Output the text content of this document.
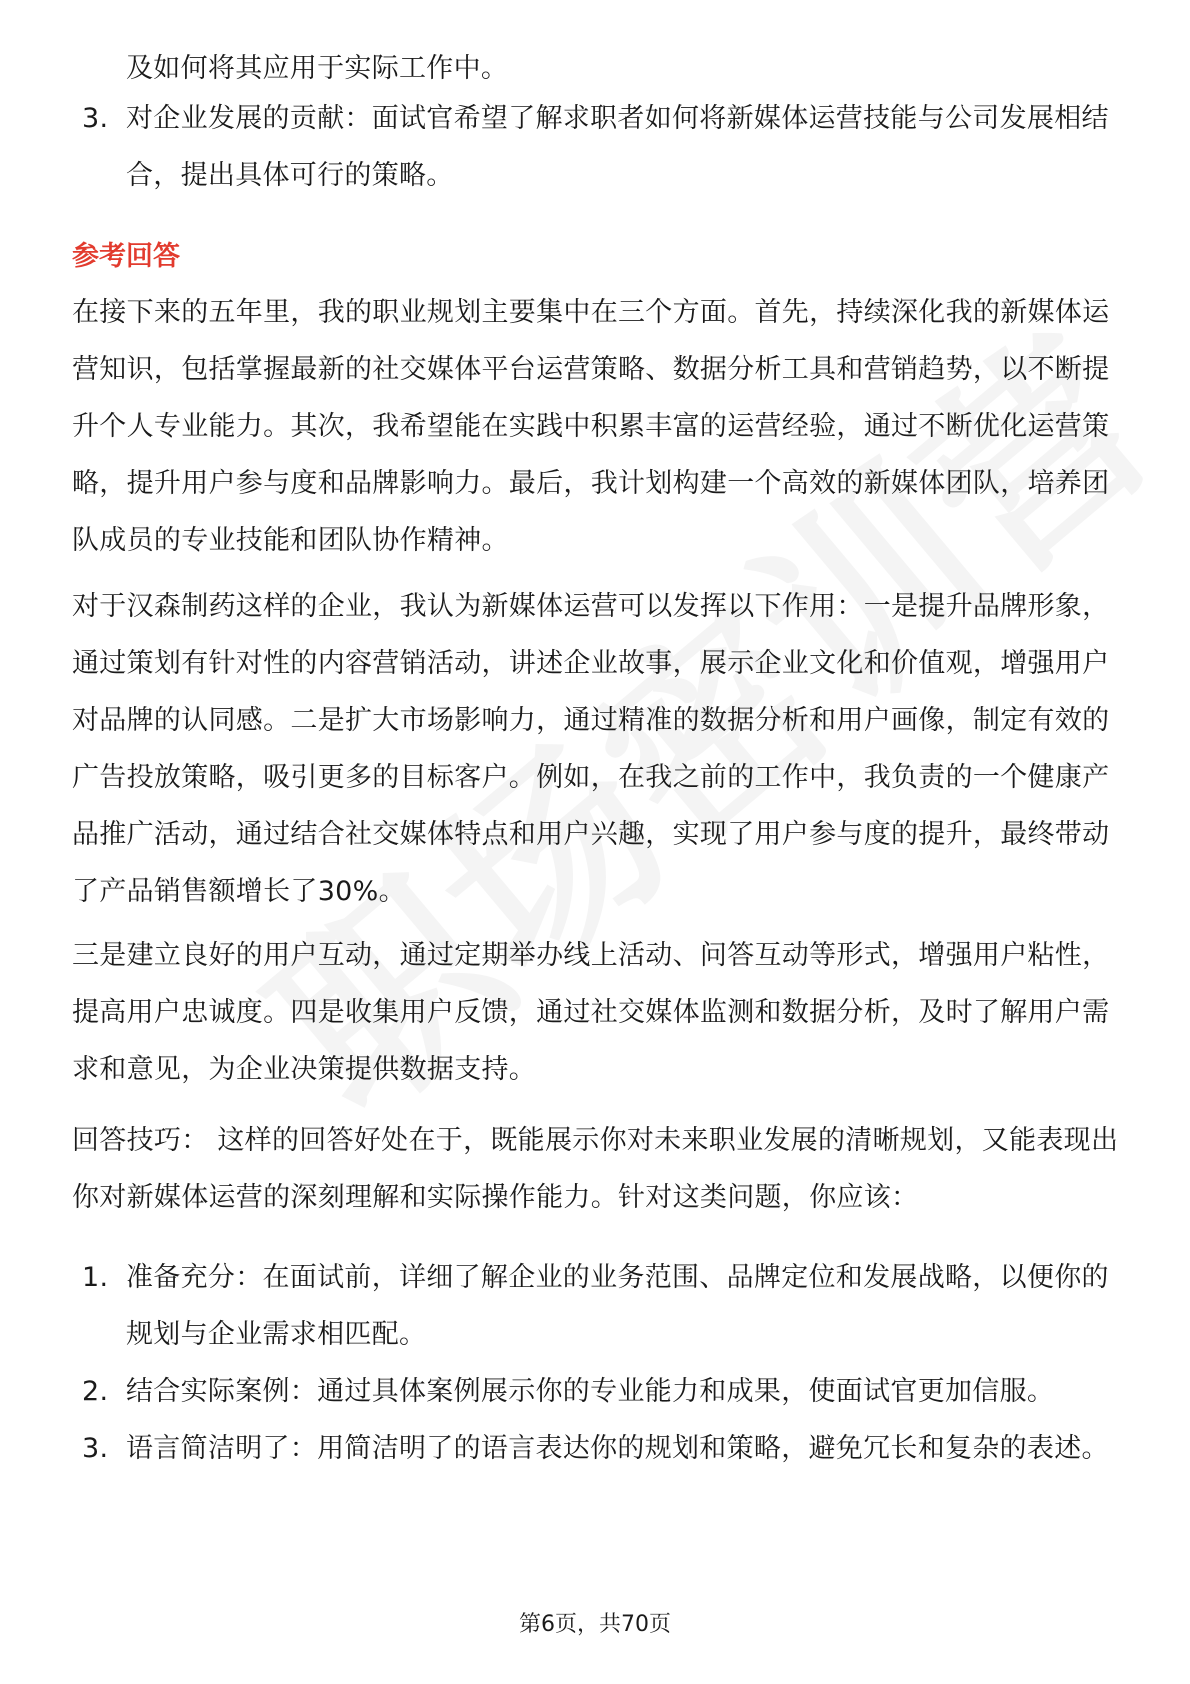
及如何将其应用于实际工作中。
3. 对企业发展的贡献：面试官希望了解求职者如何将新媒体运营技能与公司发展相结合，提出具体可行的策略。
参考回答
在接下来的五年里，我的职业规划主要集中在三个方面。首先，持续深化我的新媒体运营知识，包括掌握最新的社交媒体平台运营策略、数据分析工具和营销趋势，以不断提升个人专业能力。其次，我希望能在实践中积累丰富的运营经验，通过不断优化运营策略，提升用户参与度和品牌影响力。最后，我计划构建一个高效的新媒体团队，培养团队成员的专业技能和团队协作精神。
对于汉森制药这样的企业，我认为新媒体运营可以发挥以下作用：一是提升品牌形象，通过策划有针对性的内容营销活动，讲述企业故事，展示企业文化和价值观，增强用户对品牌的认同感。二是扩大市场影响力，通过精准的数据分析和用户画像，制定有效的广告投放策略，吸引更多的目标客户。例如，在我之前的工作中，我负责的一个健康产品推广活动，通过结合社交媒体特点和用户兴趣，实现了用户参与度的提升，最终带动了产品销售额增长了30%。
三是建立良好的用户互动，通过定期举办线上活动、问答互动等形式，增强用户粘性，提高用户忠诚度。四是收集用户反馈，通过社交媒体监测和数据分析，及时了解用户需求和意见，为企业决策提供数据支持。
回答技巧： 这样的回答好处在于，既能展示你对未来职业发展的清晰规划，又能表现出你对新媒体运营的深刻理解和实际操作能力。针对这类问题，你应该：
1. 准备充分：在面试前，详细了解企业的业务范围、品牌定位和发展战略，以便你的规划与企业需求相匹配。
2. 结合实际案例：通过具体案例展示你的专业能力和成果，使面试官更加信服。
3. 语言简洁明了：用简洁明了的语言表达你的规划和策略，避免冗长和复杂的表述。
第6页，共70页
